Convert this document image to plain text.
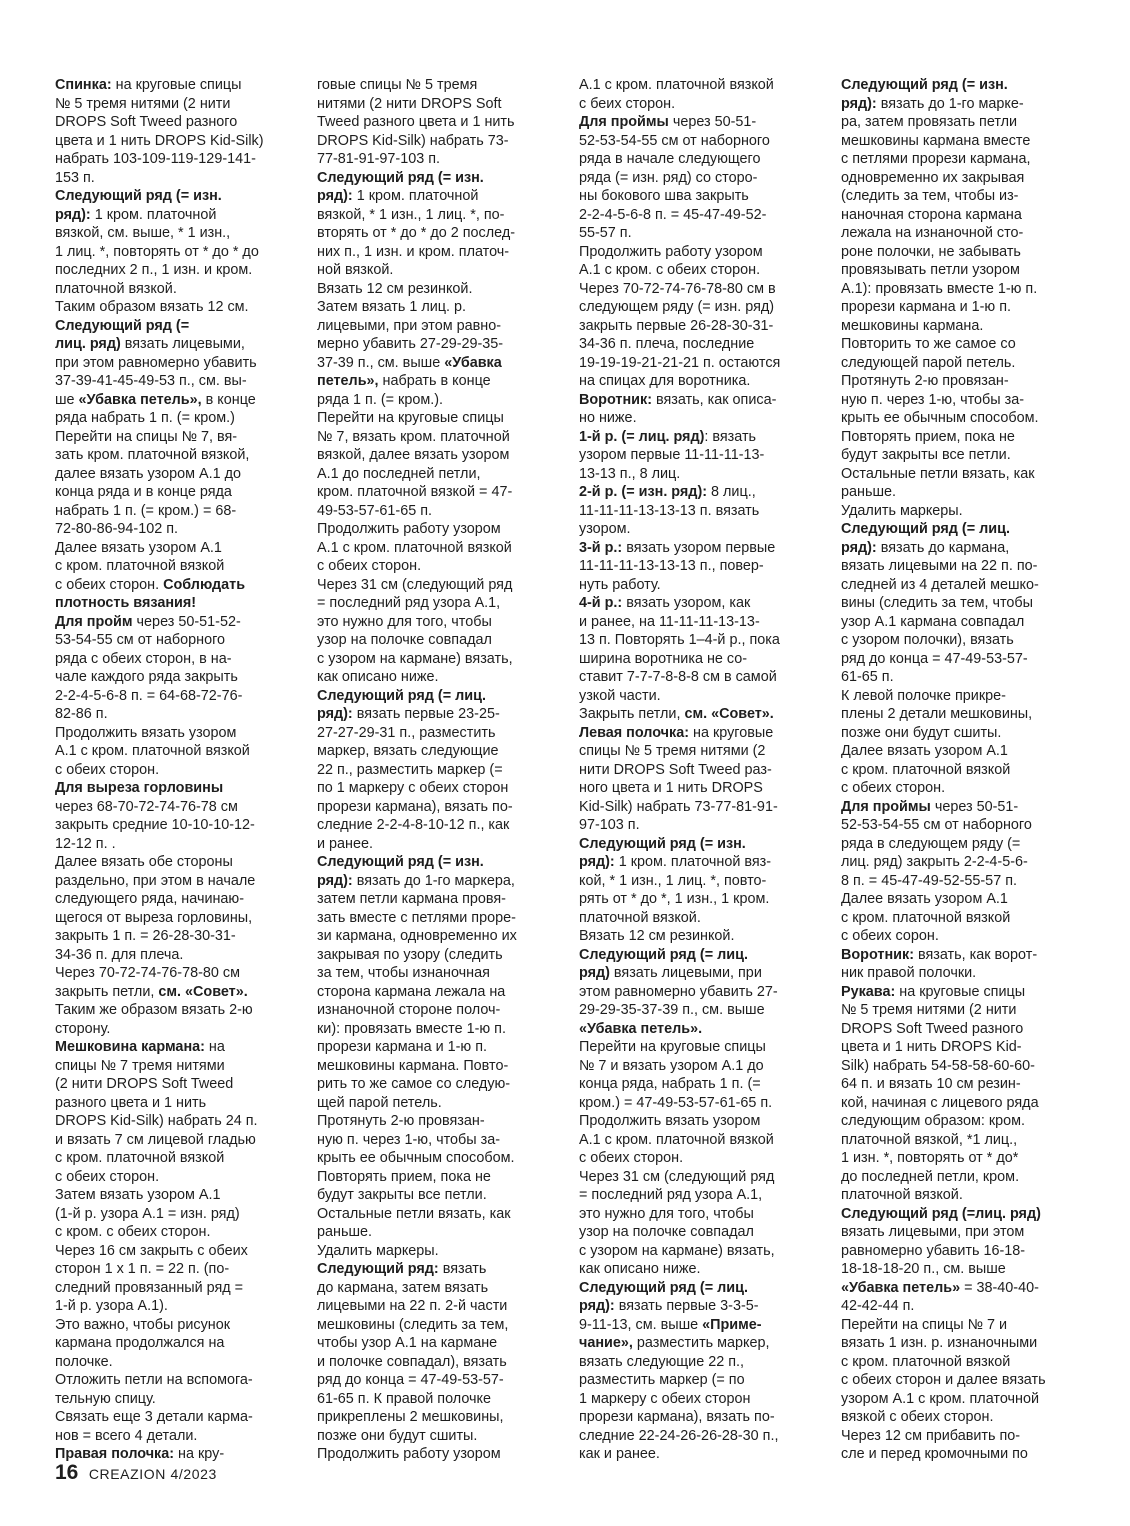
Спинка: на круговые спицы
№ 5 тремя нитями (2 нити
DROPS Soft Tweed разного
цвета и 1 нить DROPS Kid-Silk)
набрать 103-109-119-129-141-
153 п.
Следующий ряд (= изн.
ряд): 1 кром. платочной
вязкой, см. выше, * 1 изн.,
1 лиц. *, повторять от * до * до
последних 2 п., 1 изн. и кром.
платочной вязкой.
Таким образом вязать 12 см.
Следующий ряд (=
лиц. ряд) вязать лицевыми,
при этом равномерно убавить
37-39-41-45-49-53 п., см. вы-
ше «Убавка петель», в конце
ряда набрать 1 п. (= кром.)
Перейти на спицы № 7, вя-
зать кром. платочной вязкой,
далее вязать узором А.1 до
конца ряда и в конце ряда
набрать 1 п. (= кром.) = 68-
72-80-86-94-102 п.
Далее вязать узором А.1
с кром. платочной вязкой
с обеих сторон. Соблюдать
плотность вязания!
Для пройм через 50-51-52-
53-54-55 см от наборного
ряда с обеих сторон, в на-
чале каждого ряда закрыть
2-2-4-5-6-8 п. = 64-68-72-76-
82-86 п.
Продолжить вязать узором
А.1 с кром. платочной вязкой
с обеих сторон.
Для выреза горловины
через 68-70-72-74-76-78 см
закрыть средние 10-10-10-12-
12-12 п. .
Далее вязать обе стороны
раздельно, при этом в начале
следующего ряда, начинаю-
щегося от выреза горловины,
закрыть 1 п. = 26-28-30-31-
34-36 п. для плеча.
Через 70-72-74-76-78-80 см
закрыть петли, см. «Совет».
Таким же образом вязать 2-ю
сторону.
Мешковина кармана: на
спицы № 7 тремя нитями
(2 нити DROPS Soft Tweed
разного цвета и 1 нить
DROPS Kid-Silk) набрать 24 п.
и вязать 7 см лицевой гладью
с кром. платочной вязкой
с обеих сторон.
Затем вязать узором А.1
(1-й р. узора А.1 = изн. ряд)
с кром. с обеих сторон.
Через 16 см закрыть с обеих
сторон 1 х 1 п. = 22 п. (по-
следний провязанный ряд =
1-й р. узора А.1).
Это важно, чтобы рисунок
кармана продолжался на
полочке.
Отложить петли на вспомога-
тельную спицу.
Связать еще 3 детали карма-
нов = всего 4 детали.
Правая полочка: на кру-
говые спицы № 5 тремя
нитями (2 нити DROPS Soft
Tweed разного цвета и 1 нить
DROPS Kid-Silk) набрать 73-
77-81-91-97-103 п.
Следующий ряд (= изн.
ряд): 1 кром. платочной
вязкой, * 1 изн., 1 лиц. *, по-
вторять от * до * до 2 послед-
них п., 1 изн. и кром. платоч-
ной вязкой.
Вязать 12 см резинкой.
Затем вязать 1 лиц. р.
лицевыми, при этом равно-
мерно убавить 27-29-29-35-
37-39 п., см. выше «Убавка
петель», набрать в конце
ряда 1 п. (= кром.).
Перейти на круговые спицы
№ 7, вязать кром. платочной
вязкой, далее вязать узором
А.1 до последней петли,
кром. платочной вязкой = 47-
49-53-57-61-65 п.
Продолжить работу узором
А.1 с кром. платочной вязкой
с обеих сторон.
Через 31 см (следующий ряд
= последний ряд узора А.1,
это нужно для того, чтобы
узор на полочке совпадал
с узором на кармане) вязать,
как описано ниже.
Следующий ряд (= лиц.
ряд): вязать первые 23-25-
27-27-29-31 п., разместить
маркер, вязать следующие
22 п., разместить маркер (=
по 1 маркеру с обеих сторон
прорези кармана), вязать по-
следние 2-2-4-8-10-12 п., как
и ранее.
Следующий ряд (= изн.
ряд): вязать до 1-го маркера,
затем петли кармана провя-
зать вместе с петлями проре-
зи кармана, одновременно их
закрывая по узору (следить
за тем, чтобы изнаночная
сторона кармана лежала на
изнаночной стороне полоч-
ки): провязать вместе 1-ю п.
прорези кармана и 1-ю п.
мешковины кармана. Повто-
рить то же самое со следую-
щей парой петель.
Протянуть 2-ю провязан-
ную п. через 1-ю, чтобы за-
крыть ее обычным способом.
Повторять прием, пока не
будут закрыты все петли.
Остальные петли вязать, как
раньше.
Удалить маркеры.
Следующий ряд: вязать
до кармана, затем вязать
лицевыми на 22 п. 2-й части
мешковины (следить за тем,
чтобы узор А.1 на кармане
и полочке совпадал), вязать
ряд до конца = 47-49-53-57-
61-65 п. К правой полочке
прикреплены 2 мешковины,
позже они будут сшиты.
Продолжить работу узором
А.1 с кром. платочной вязкой
с беих сторон.
Для проймы через 50-51-
52-53-54-55 см от наборного
ряда в начале следующего
ряда (= изн. ряд) со сторо-
ны бокового шва закрыть
2-2-4-5-6-8 п. = 45-47-49-52-
55-57 п.
Продолжить работу узором
А.1 с кром. с обеих сторон.
Через 70-72-74-76-78-80 см в
следующем ряду (= изн. ряд)
закрыть первые 26-28-30-31-
34-36 п. плеча, последние
19-19-19-21-21-21 п. остаются
на спицах для воротника.
Воротник: вязать, как описа-
но ниже.
1-й р. (= лиц. ряд): вязать
узором первые 11-11-11-13-
13-13 п., 8 лиц.
2-й р. (= изн. ряд): 8 лиц.,
11-11-11-13-13-13 п. вязать
узором.
3-й р.: вязать узором первые
11-11-11-13-13-13 п., повер-
нуть работу.
4-й р.: вязать узором, как
и ранее, на 11-11-11-13-13-
13 п. Повторять 1–4-й р., пока
ширина воротника не со-
ставит 7-7-7-8-8-8 см в самой
узкой части.
Закрыть петли, см. «Совет».
Левая полочка: на круговые
спицы № 5 тремя нитями (2
нити DROPS Soft Tweed раз-
ного цвета и 1 нить DROPS
Kid-Silk) набрать 73-77-81-91-
97-103 п.
Следующий ряд (= изн.
ряд): 1 кром. платочной вяз-
кой, * 1 изн., 1 лиц. *, повто-
рять от * до *, 1 изн., 1 кром.
платочной вязкой.
Вязать 12 см резинкой.
Следующий ряд (= лиц.
ряд) вязать лицевыми, при
этом равномерно убавить 27-
29-29-35-37-39 п., см. выше
«Убавка петель».
Перейти на круговые спицы
№ 7 и вязать узором А.1 до
конца ряда, набрать 1 п. (=
кром.) = 47-49-53-57-61-65 п.
Продолжить вязать узором
А.1 с кром. платочной вязкой
с обеих сторон.
Через 31 см (следующий ряд
= последний ряд узора А.1,
это нужно для того, чтобы
узор на полочке совпадал
с узором на кармане) вязать,
как описано ниже.
Следующий ряд (= лиц.
ряд): вязать первые 3-3-5-
9-11-13, см. выше «Приме-
чание», разместить маркер,
вязать следующие 22 п.,
разместить маркер (= по
1 маркеру с обеих сторон
прорези кармана), вязать по-
следние 22-24-26-26-28-30 п.,
как и ранее.
Следующий ряд (= изн.
ряд): вязать до 1-го марке-
ра, затем провязать петли
мешковины кармана вместе
с петлями прорези кармана,
одновременно их закрывая
(следить за тем, чтобы из-
наночная сторона кармана
лежала на изнаночной сто-
роне полочки, не забывать
провязывать петли узором
А.1): провязать вместе 1-ю п.
прорези кармана и 1-ю п.
мешковины кармана.
Повторить то же самое со
следующей парой петель.
Протянуть 2-ю провязан-
ную п. через 1-ю, чтобы за-
крыть ее обычным способом.
Повторять прием, пока не
будут закрыты все петли.
Остальные петли вязать, как
раньше.
Удалить маркеры.
Следующий ряд (= лиц.
ряд): вязать до кармана,
вязать лицевыми на 22 п. по-
следней из 4 деталей мешко-
вины (следить за тем, чтобы
узор А.1 кармана совпадал
с узором полочки), вязать
ряд до конца = 47-49-53-57-
61-65 п.
К левой полочке прикре-
плены 2 детали мешковины,
позже они будут сшиты.
Далее вязать узором А.1
с кром. платочной вязкой
с обеих сторон.
Для проймы через 50-51-
52-53-54-55 см от наборного
ряда в следующем ряду (=
лиц. ряд) закрыть 2-2-4-5-6-
8 п. = 45-47-49-52-55-57 п.
Далее вязать узором А.1
с кром. платочной вязкой
с обеих сорон.
Воротник: вязать, как ворот-
ник правой полочки.
Рукава: на круговые спицы
№ 5 тремя нитями (2 нити
DROPS Soft Tweed разного
цвета и 1 нить DROPS Kid-
Silk) набрать 54-58-58-60-60-
64 п. и вязать 10 см резин-
кой, начиная с лицевого ряда
следующим образом: кром.
платочной вязкой, *1 лиц.,
1 изн. *, повторять от * до*
до последней петли, кром.
платочной вязкой.
Следующий ряд (=лиц. ряд)
вязать лицевыми, при этом
равномерно убавить 16-18-
18-18-18-20 п., см. выше
«Убавка петель» = 38-40-40-
42-42-44 п.
Перейти на спицы № 7 и
вязать 1 изн. р. изнаночными
с кром. платочной вязкой
с обеих сторон и далее вязать
узором А.1 с кром. платочной
вязкой с обеих сторон.
Через 12 см прибавить по-
сле и перед кромочными по
16 CREAZION 4/2023
